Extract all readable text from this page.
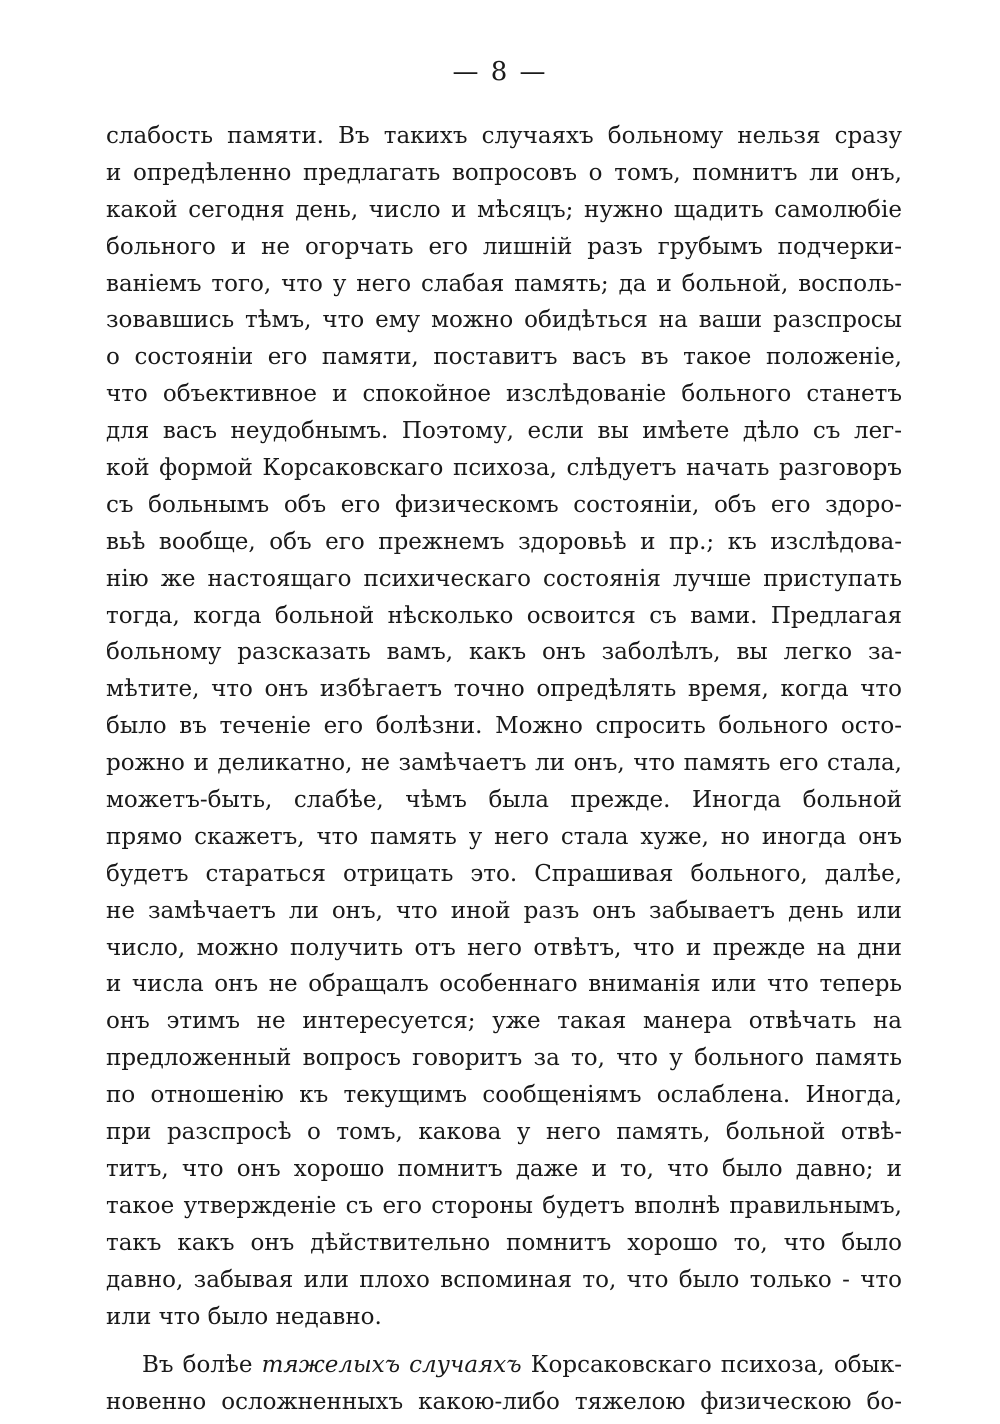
— 8 —
слабость памяти. Въ такихъ случаяхъ больному нельзя сразу
и опредѣленно предлагать вопросовъ о томъ, помнитъ ли онъ,
какой сегодня день, число и мѣсяцъ; нужно щадить самолюбіе
больного и не огорчать его лишній разъ грубымъ подчерки-
ваніемъ того, что у него слабая память; да и больной, восполь-
зовавшись тѣмъ, что ему можно обидѣться на ваши разспросы
о состояніи его памяти, поставитъ васъ въ такое положеніе,
что объективное и спокойное изслѣдованіе больного станетъ
для васъ неудобнымъ. Поэтому, если вы имѣете дѣло съ лег-
кой формой Корсаковскаго психоза, слѣдуетъ начать разговоръ
съ больнымъ объ его физическомъ состояніи, объ его здоро-
вьѣ вообще, объ его прежнемъ здоровьѣ и пр.; къ изслѣдова-
нію же настоящаго психическаго состоянія лучше приступать
тогда, когда больной нѣсколько освоится съ вами. Предлагая
больному разсказать вамъ, какъ онъ заболѣлъ, вы легко за-
мѣтите, что онъ избѣгаетъ точно опредѣлять время, когда что
было въ теченіе его болѣзни. Можно спросить больного осто-
рожно и деликатно, не замѣчаетъ ли онъ, что память его стала,
можетъ-быть, слабѣе, чѣмъ была прежде. Иногда больной
прямо скажетъ, что память у него стала хуже, но иногда онъ
будетъ стараться отрицать это. Спрашивая больного, далѣе,
не замѣчаетъ ли онъ, что иной разъ онъ забываетъ день или
число, можно получить отъ него отвѣтъ, что и прежде на дни
и числа онъ не обращалъ особеннаго вниманія или что теперь
онъ этимъ не интересуется; уже такая манера отвѣчать на
предложенный вопросъ говоритъ за то, что у больного память
по отношенію къ текущимъ сообщеніямъ ослаблена. Иногда,
при разспросѣ о томъ, какова у него память, больной отвѣ-
титъ, что онъ хорошо помнитъ даже и то, что было давно; и
такое утвержденіе съ его стороны будетъ вполнѣ правильнымъ,
такъ какъ онъ дѣйствительно помнитъ хорошо то, что было
давно, забывая или плохо вспоминая то, что было только - что
или что было недавно.
Въ болѣе тяжелыхъ случаяхъ Корсаковскаго психоза, обык-
новенно осложненныхъ какою-либо тяжелою физическою бо-
